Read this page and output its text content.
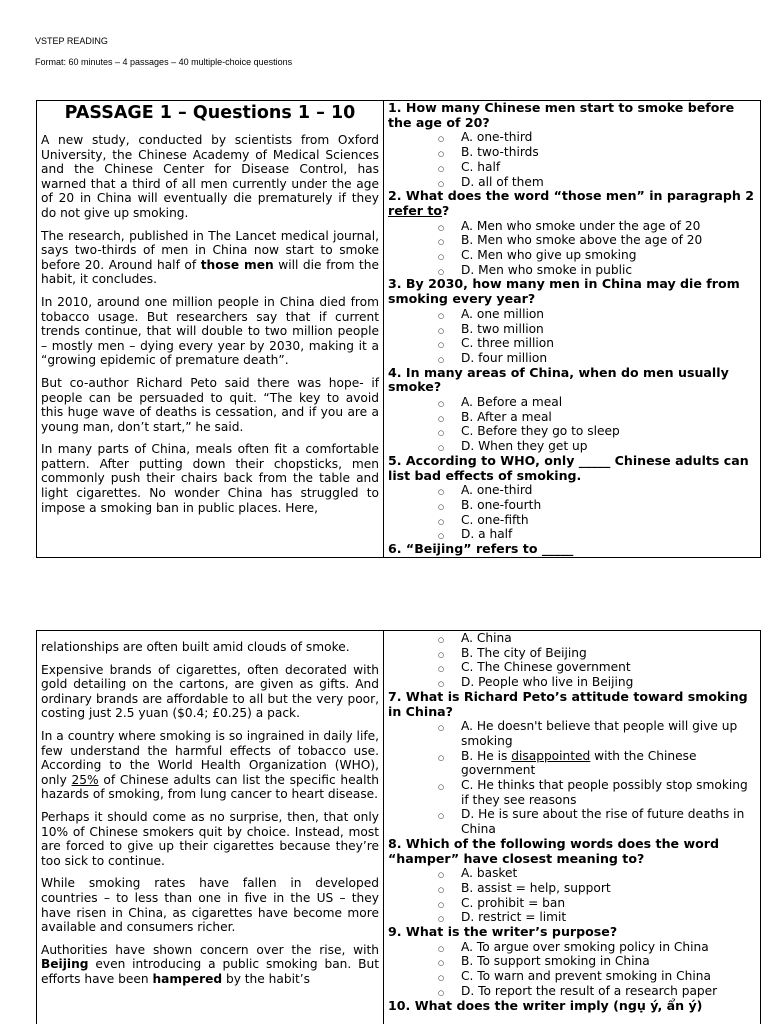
VSTEP READING
Format: 60 minutes – 4 passages – 40 multiple-choice questions
PASSAGE 1 – Questions 1 – 10

A new study, conducted by scientists from Oxford University, the Chinese Academy of Medical Sciences and the Chinese Center for Disease Control, has warned that a third of all men currently under the age of 20 in China will eventually die prematurely if they do not give up smoking.

The research, published in The Lancet medical journal, says two-thirds of men in China now start to smoke before 20. Around half of those men will die from the habit, it concludes.

In 2010, around one million people in China died from tobacco usage. But researchers say that if current trends continue, that will double to two million people – mostly men – dying every year by 2030, making it a “growing epidemic of premature death”.

But co-author Richard Peto said there was hope- if people can be persuaded to quit. “The key to avoid this huge wave of deaths is cessation, and if you are a young man, don’t start,” he said.

In many parts of China, meals often fit a comfortable pattern. After putting down their chopsticks, men commonly push their chairs back from the table and light cigarettes. No wonder China has struggled to impose a smoking ban in public places. Here,

1. How many Chinese men start to smoke before the age of 20?
○ A. one-third
○ B. two-thirds
○ C. half
○ D. all of them
2. What does the word “those men” in paragraph 2 refer to?
○ A. Men who smoke under the age of 20
○ B. Men who smoke above the age of 20
○ C. Men who give up smoking
○ D. Men who smoke in public
3. By 2030, how many men in China may die from smoking every year?
○ A. one million
○ B. two million
○ C. three million
○ D. four million
4. In many areas of China, when do men usually smoke?
○ A. Before a meal
○ B. After a meal
○ C. Before they go to sleep
○ D. When they get up
5. According to WHO, only _____ Chinese adults can list bad effects of smoking.
○ A. one-third
○ B. one-fourth
○ C. one-fifth
○ D. a half
6. “Beijing” refers to _____

relationships are often built amid clouds of smoke.

Expensive brands of cigarettes, often decorated with gold detailing on the cartons, are given as gifts. And ordinary brands are affordable to all but the very poor, costing just 2.5 yuan ($0.4; £0.25) a pack.

In a country where smoking is so ingrained in daily life, few understand the harmful effects of tobacco use. According to the World Health Organization (WHO), only 25% of Chinese adults can list the specific health hazards of smoking, from lung cancer to heart disease.

Perhaps it should come as no surprise, then, that only 10% of Chinese smokers quit by choice. Instead, most are forced to give up their cigarettes because they’re too sick to continue.

While smoking rates have fallen in developed countries – to less than one in five in the US – they have risen in China, as cigarettes have become more available and consumers richer.

Authorities have shown concern over the rise, with Beijing even introducing a public smoking ban. But efforts have been hampered by the habit’s

○ A. China
○ B. The city of Beijing
○ C. The Chinese government
○ D. People who live in Beijing
7. What is Richard Peto’s attitude toward smoking in China?
○ A. He doesn't believe that people will give up smoking
○ B. He is disappointed with the Chinese government
○ C. He thinks that people possibly stop smoking if they see reasons
○ D. He is sure about the rise of future deaths in China
8. Which of the following words does the word “hamper” have closest meaning to?
○ A. basket
○ B. assist = help, support
○ C. prohibit = ban
○ D. restrict = limit
9. What is the writer’s purpose?
○ A. To argue over smoking policy in China
○ B. To support smoking in China
○ C. To warn and prevent smoking in China
○ D. To report the result of a research paper
10. What does the writer imply (ngụ ý, ẩn ý)
